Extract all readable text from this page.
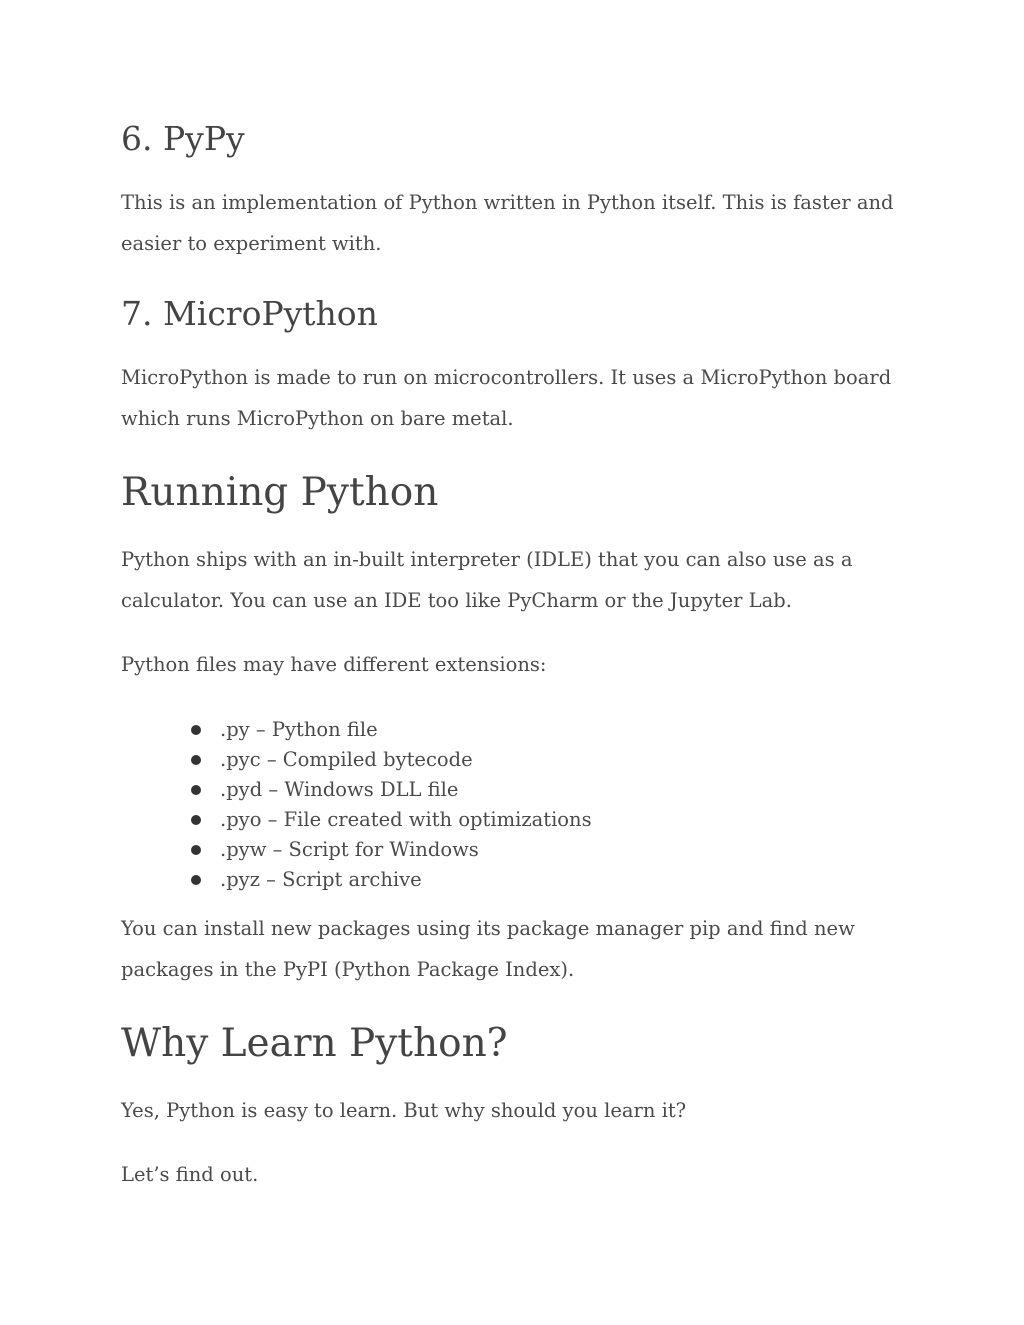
6. PyPy

This is an implementation of Python written in Python itself. This is faster and

easier to experiment with.

7. MicroPython

MicroPython is made to run on microcontrollers. It uses a MicroPython board

which runs MicroPython on bare metal.

Running Python

Python ships with an in-built interpreter (IDLE) that you can also use as a

calculator. You can use an IDE too like PyCharm or the Jupyter Lab.

Python files may have different extensions:

.py – Python file
.pyc – Compiled bytecode
.pyd – Windows DLL file
.pyo – File created with optimizations
.pyw – Script for Windows
.pyz – Script archive

You can install new packages using its package manager pip and find new

packages in the PyPI (Python Package Index).

Why Learn Python?

Yes, Python is easy to learn. But why should you learn it?

Let’s find out.
